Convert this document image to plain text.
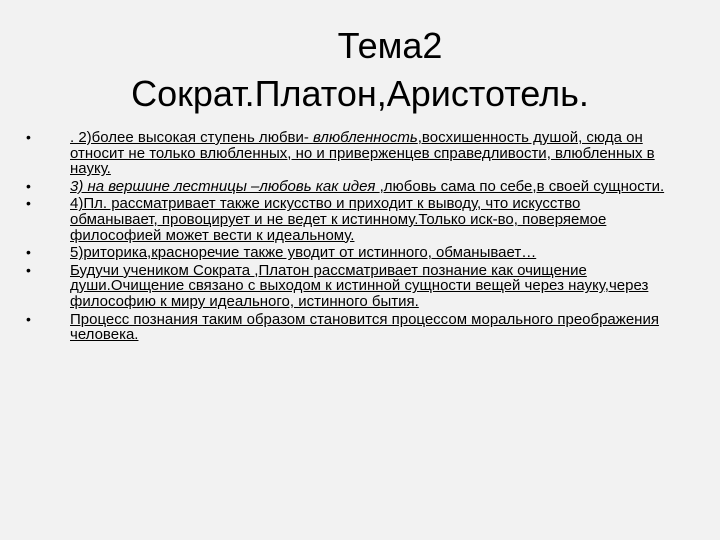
Тема2
Сократ.Платон,Аристотель.
•	. 2)более высокая ступень любви- влюбленность,восхишенность душой, сюда он относит не только влюбленных, но и приверженцев справедливости, влюбленных в науку.
•	3) на вершине лестницы –любовь как идея ,любовь сама по себе,в своей сущности.
•	4)Пл. рассматривает также искусство и приходит к выводу, что искусство обманывает, провоцирует и не ведет к истинному.Только иск-во, поверяемое философией может вести к идеальному.
•	5)риторика,красноречие также уводит от истинного, обманывает…
•	Будучи учеником Сократа ,Платон рассматривает познание как очищение души.Очищение связано с выходом к истинной сущности вещей через науку,через философию к миру идеального, истинного бытия.
•	Процесс познания таким образом становится процессом морального преображения человека.
